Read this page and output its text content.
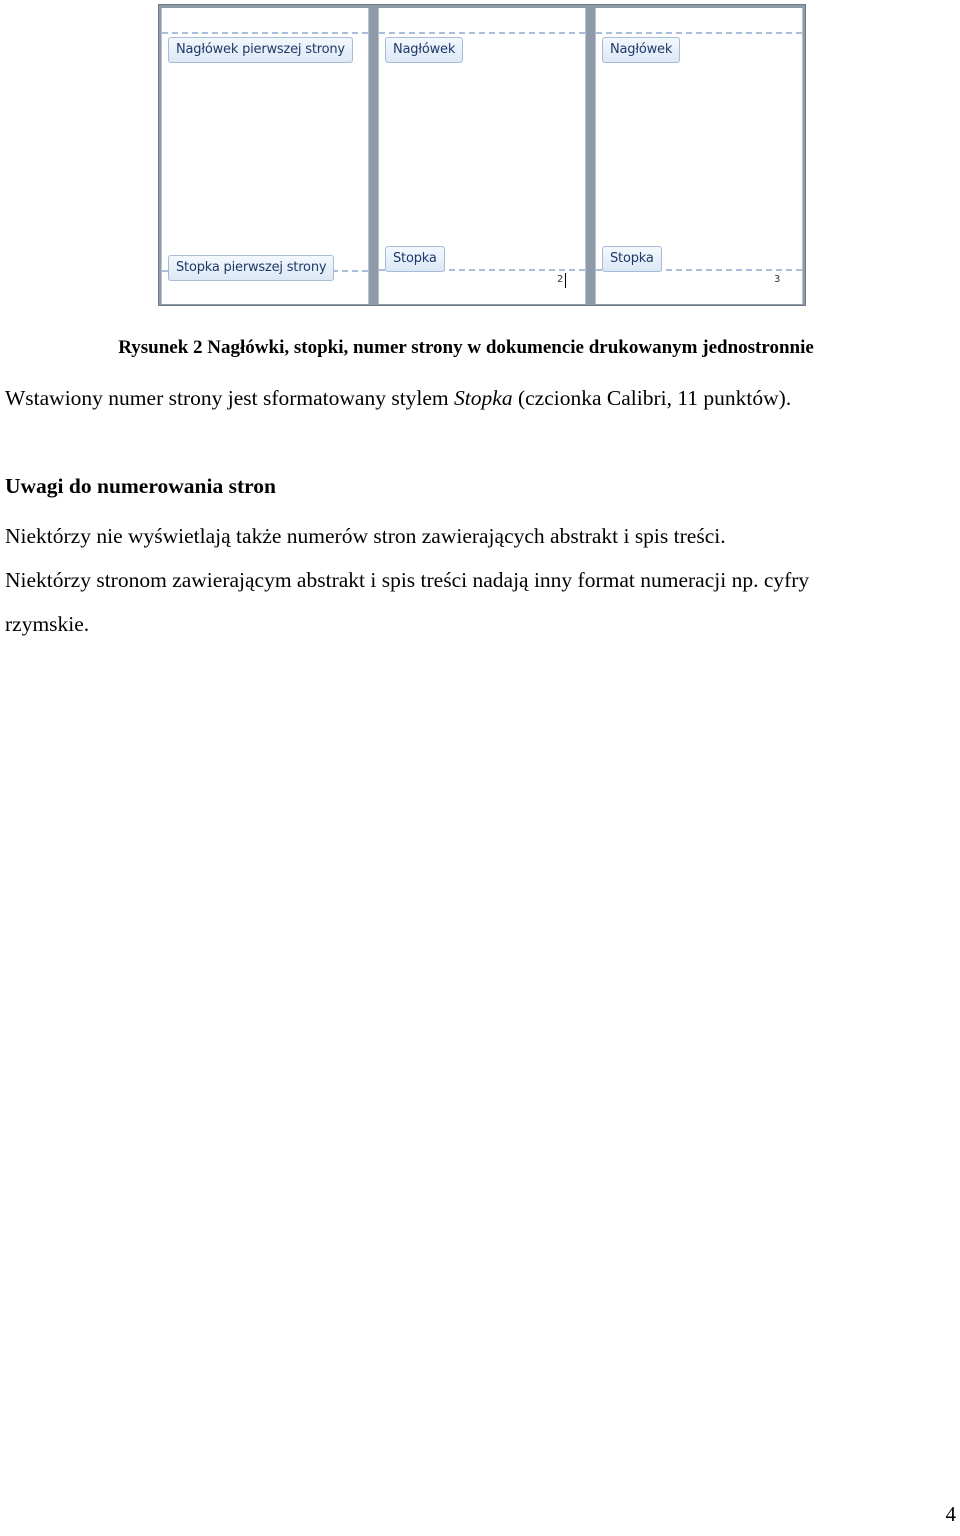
Nagłówek pierwszej strony
Stopka pierwszej strony
Nagłówek
Stopka
2
Nagłówek
Stopka
3
Rysunek 2 Nagłówki, stopki, numer strony w dokumencie drukowanym jednostronnie
Wstawiony numer strony jest sformatowany stylem Stopka (czcionka Calibri, 11 punktów).
Uwagi do numerowania stron
Niektórzy nie wyświetlają także numerów stron zawierających abstrakt i spis treści.
Niektórzy stronom zawierającym abstrakt i spis treści nadają inny format numeracji np. cyfry
rzymskie.
4
